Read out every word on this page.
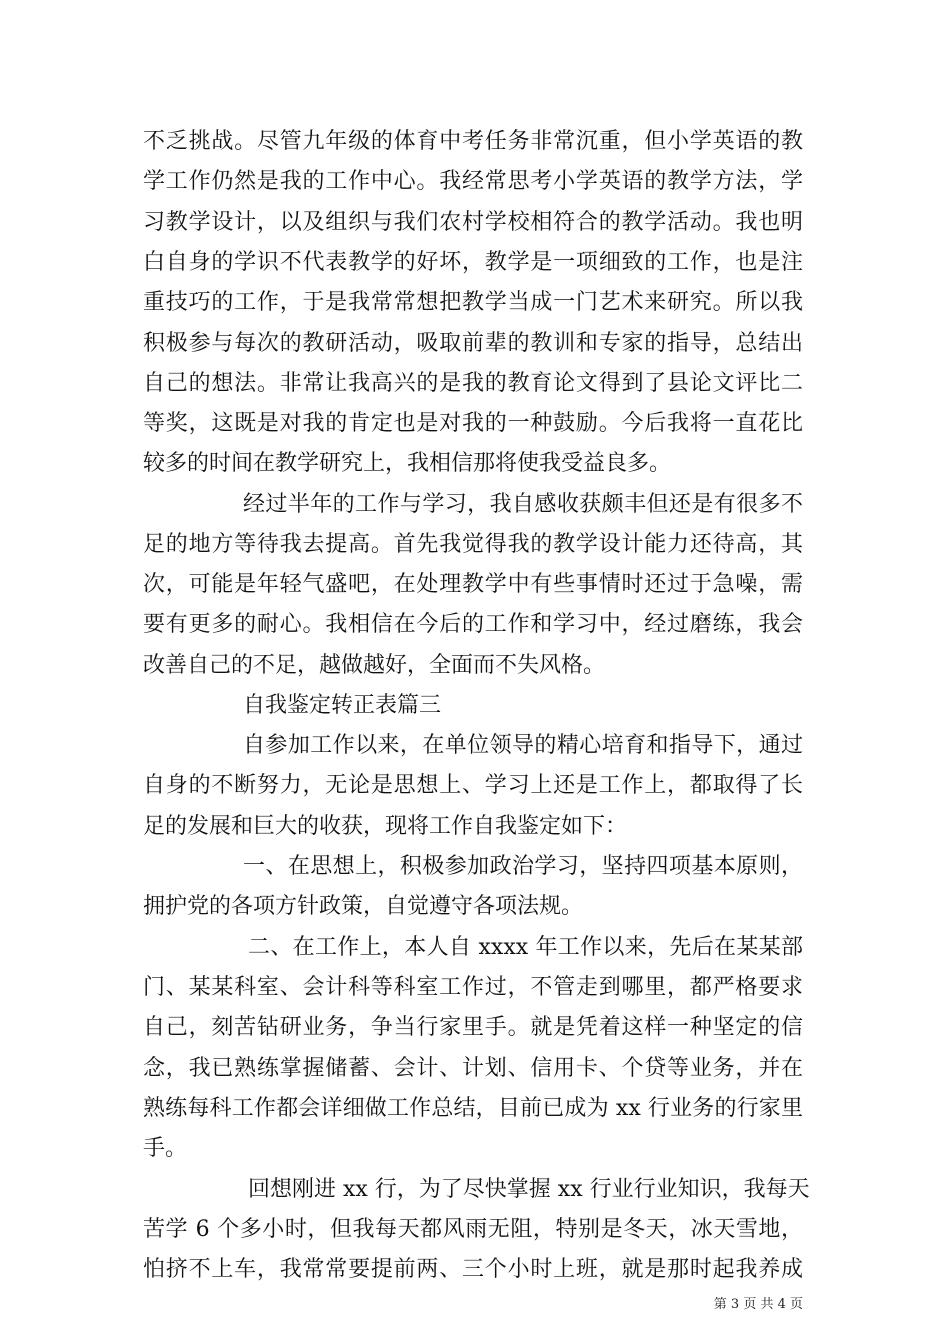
不乏挑战。尽管九年级的体育中考任务非常沉重，但小学英语的教
学工作仍然是我的工作中心。我经常思考小学英语的教学方法，学
习教学设计，以及组织与我们农村学校相符合的教学活动。我也明
白自身的学识不代表教学的好坏，教学是一项细致的工作，也是注
重技巧的工作，于是我常常想把教学当成一门艺术来研究。所以我
积极参与每次的教研活动，吸取前辈的教训和专家的指导，总结出
自己的想法。非常让我高兴的是我的教育论文得到了县论文评比二
等奖，这既是对我的肯定也是对我的一种鼓励。今后我将一直花比
较多的时间在教学研究上，我相信那将使我受益良多。
经过半年的工作与学习，我自感收获颇丰但还是有很多不
足的地方等待我去提高。首先我觉得我的教学设计能力还待高，其
次，可能是年轻气盛吧，在处理教学中有些事情时还过于急噪，需
要有更多的耐心。我相信在今后的工作和学习中，经过磨练，我会
改善自己的不足，越做越好，全面而不失风格。
自我鉴定转正表篇三
自参加工作以来，在单位领导的精心培育和指导下，通过
自身的不断努力，无论是思想上、学习上还是工作上，都取得了长
足的发展和巨大的收获，现将工作自我鉴定如下：
一、在思想上，积极参加政治学习，坚持四项基本原则，
拥护党的各项方针政策，自觉遵守各项法规。
二、在工作上，本人自 xxxx 年工作以来，先后在某某部
门、某某科室、会计科等科室工作过，不管走到哪里，都严格要求
自己，刻苦钻研业务，争当行家里手。就是凭着这样一种坚定的信
念，我已熟练掌握储蓄、会计、计划、信用卡、个贷等业务，并在
熟练每科工作都会详细做工作总结，目前已成为 xx 行业务的行家里
手。
回想刚进 xx 行，为了尽快掌握 xx 行业行业知识，我每天
苦学 6 个多小时，但我每天都风雨无阻，特别是冬天，冰天雪地，
怕挤不上车，我常常要提前两、三个小时上班，就是那时起我养成
第 3 页 共 4 页
